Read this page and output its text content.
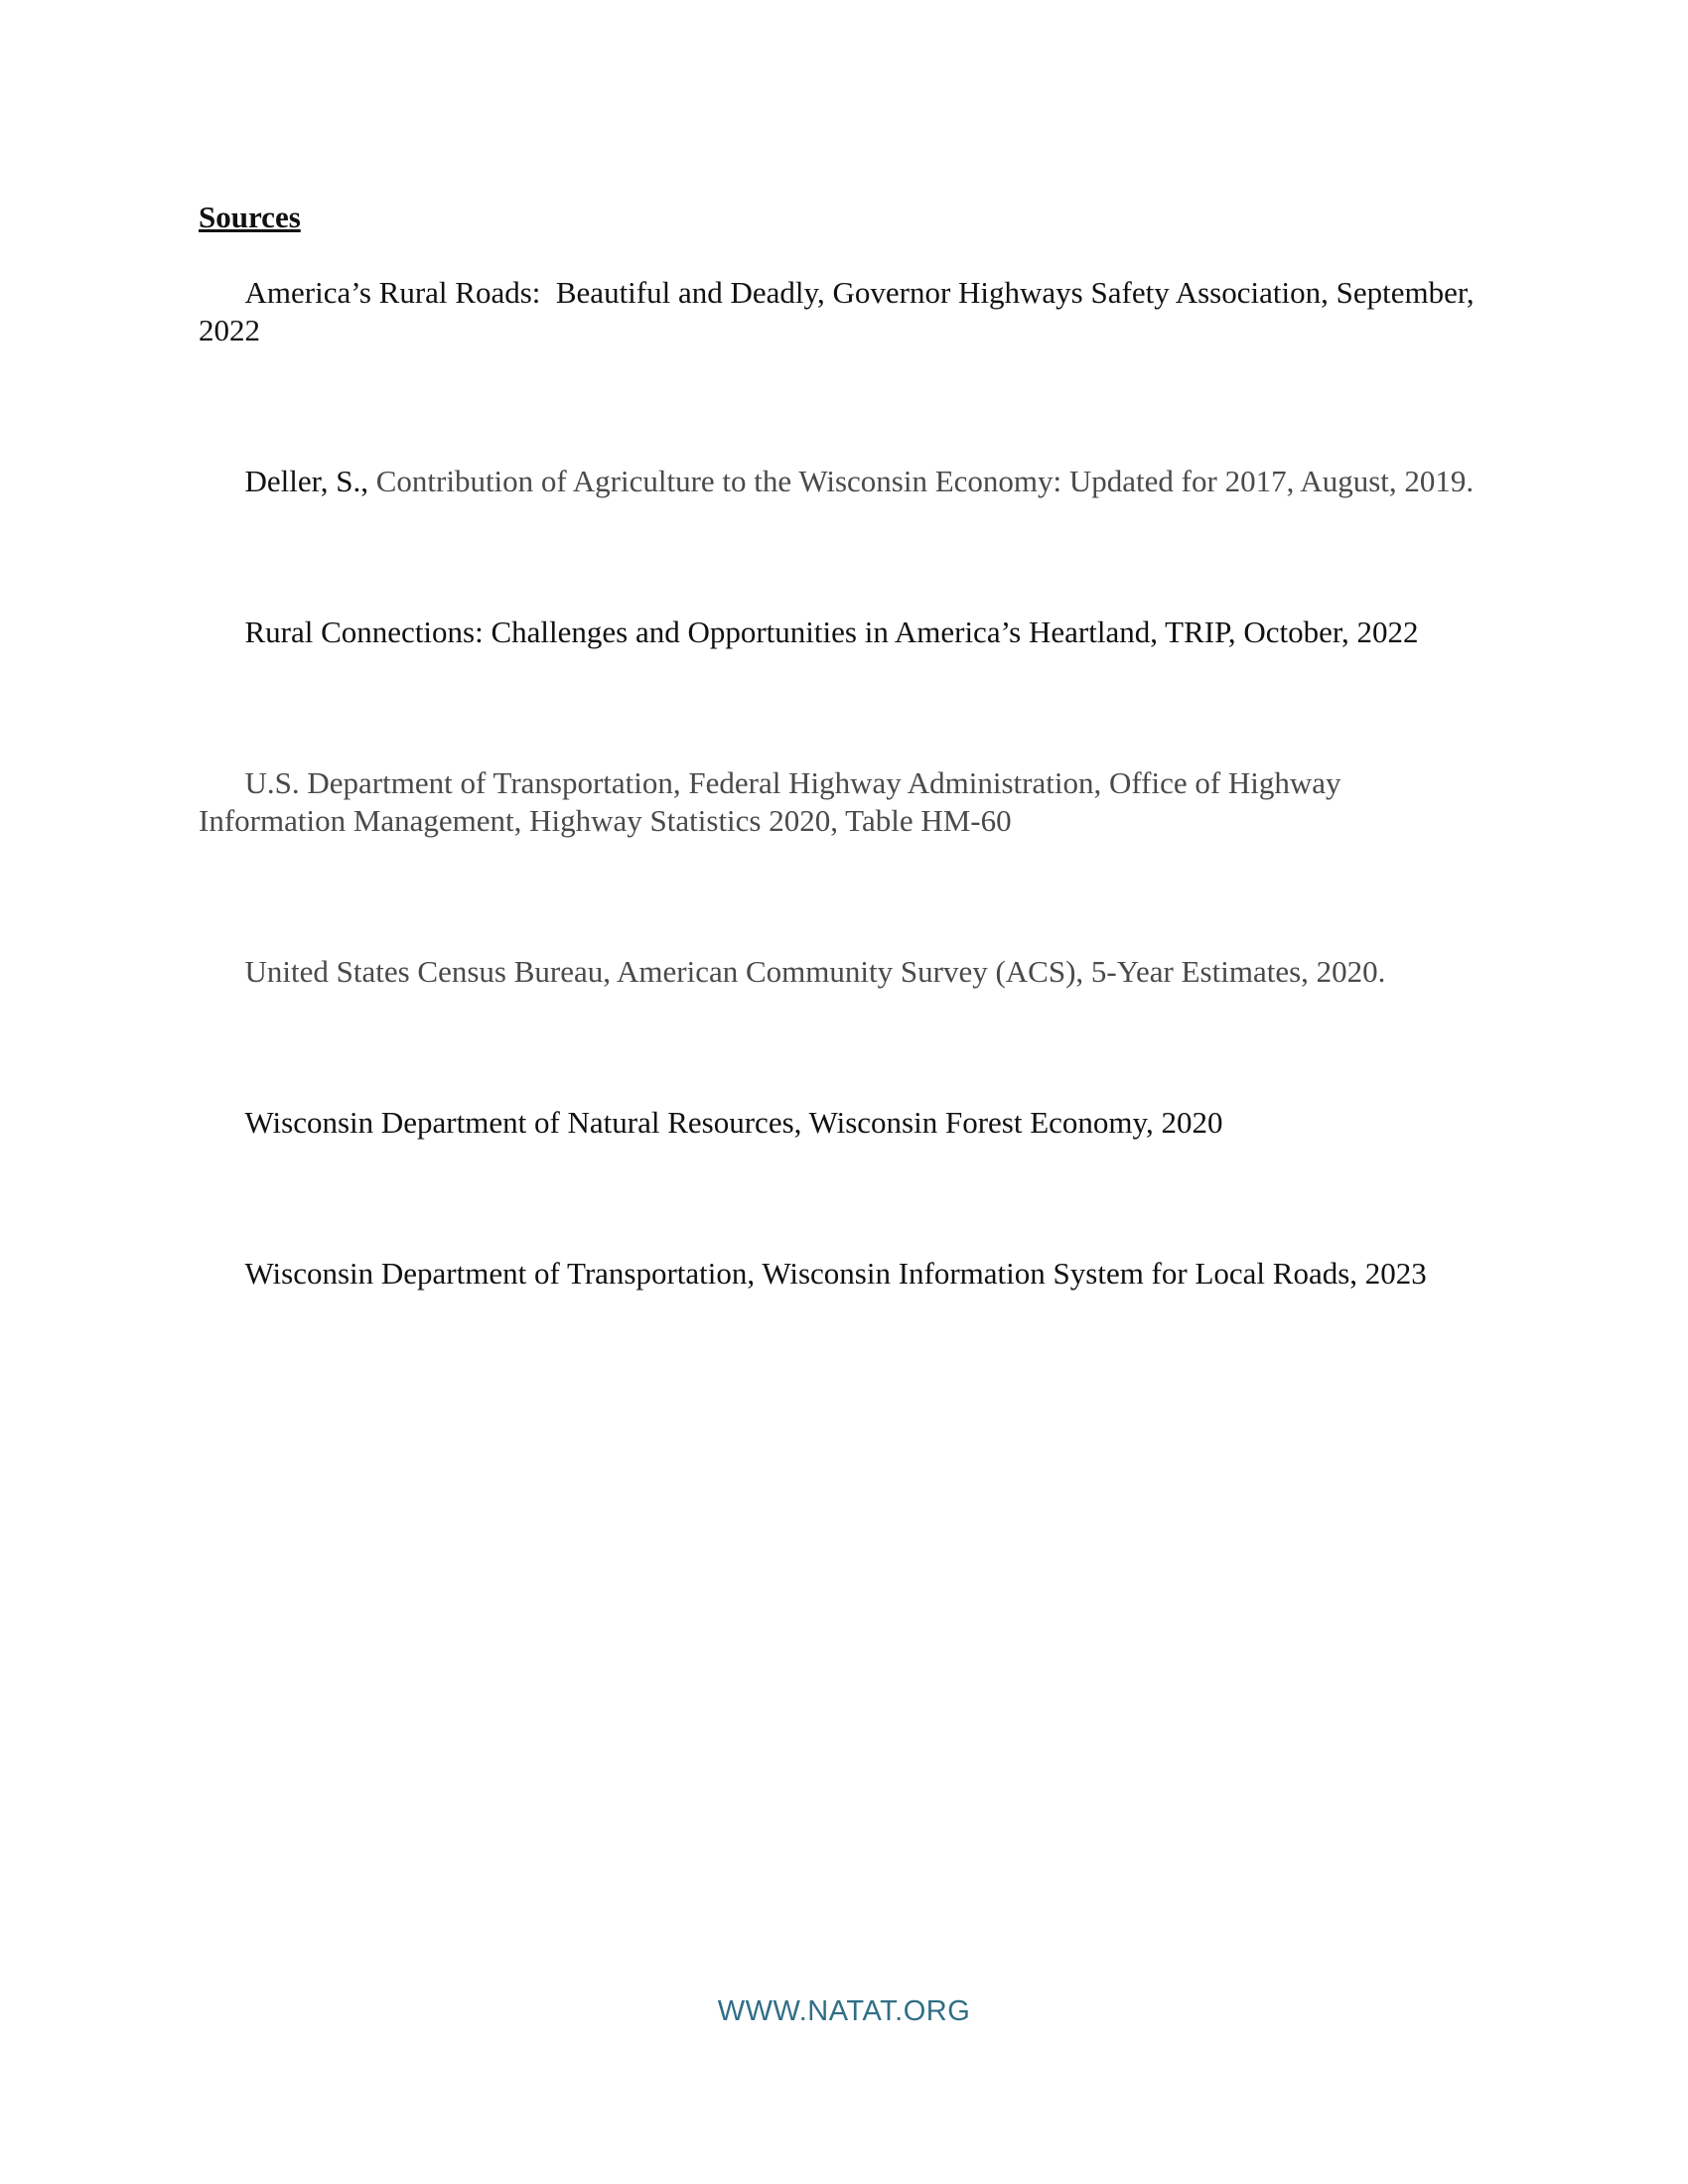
Sources

America’s Rural Roads:  Beautiful and Deadly, Governor Highways Safety Association, September, 2022

Deller, S., Contribution of Agriculture to the Wisconsin Economy: Updated for 2017, August, 2019.

Rural Connections: Challenges and Opportunities in America’s Heartland, TRIP, October, 2022

U.S. Department of Transportation, Federal Highway Administration, Office of Highway Information Management, Highway Statistics 2020, Table HM-60

United States Census Bureau, American Community Survey (ACS), 5-Year Estimates, 2020.

Wisconsin Department of Natural Resources, Wisconsin Forest Economy, 2020

Wisconsin Department of Transportation, Wisconsin Information System for Local Roads, 2023

WWW.NATAT.ORG
